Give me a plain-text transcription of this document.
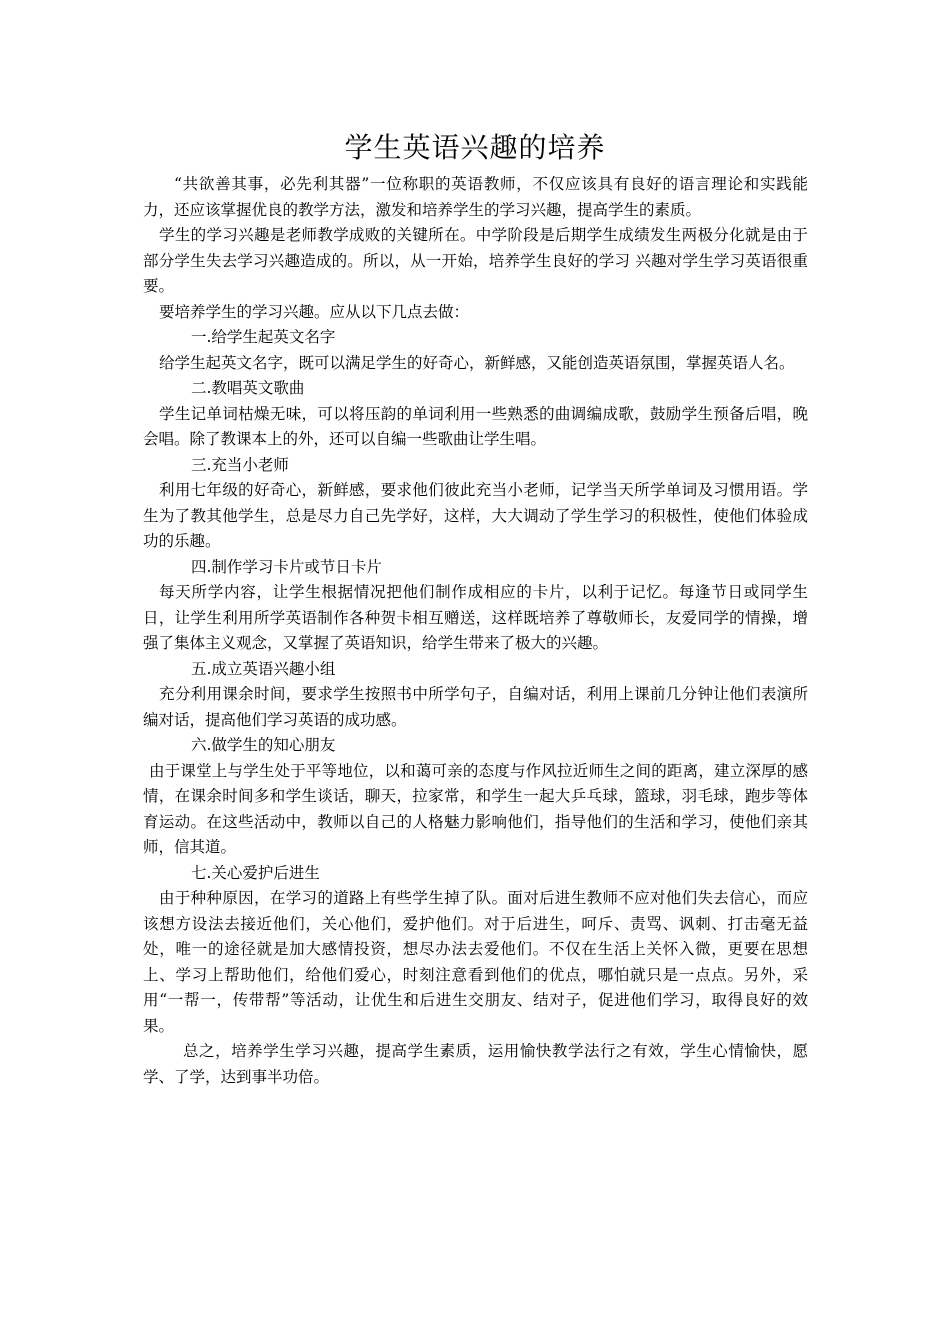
学生英语兴趣的培养

“共欲善其事，必先利其器”一位称职的英语教师，不仅应该具有良好的语言理论和实践能力，还应该掌握优良的教学方法，激发和培养学生的学习兴趣，提高学生的素质。

学生的学习兴趣是老师教学成败的关键所在。中学阶段是后期学生成绩发生两极分化就是由于部分学生失去学习兴趣造成的。所以，从一开始，培养学生良好的学习 兴趣对学生学习英语很重要。

要培养学生的学习兴趣。应从以下几点去做：

一.给学生起英文名字

给学生起英文名字，既可以满足学生的好奇心，新鲜感，又能创造英语氛围，掌握英语人名。

二.教唱英文歌曲

学生记单词枯燥无味，可以将压韵的单词利用一些熟悉的曲调编成歌，鼓励学生预备后唱，晚会唱。除了教课本上的外，还可以自编一些歌曲让学生唱。

三.充当小老师

利用七年级的好奇心，新鲜感，要求他们彼此充当小老师，记学当天所学单词及习惯用语。学生为了教其他学生，总是尽力自己先学好，这样，大大调动了学生学习的积极性，使他们体验成功的乐趣。

四.制作学习卡片或节日卡片

每天所学内容，让学生根据情况把他们制作成相应的卡片，以利于记忆。每逢节日或同学生日，让学生利用所学英语制作各种贺卡相互赠送，这样既培养了尊敬师长，友爱同学的情操，增强了集体主义观念，又掌握了英语知识，给学生带来了极大的兴趣。

五.成立英语兴趣小组

充分利用课余时间，要求学生按照书中所学句子，自编对话，利用上课前几分钟让他们表演所编对话，提高他们学习英语的成功感。

六.做学生的知心朋友

由于课堂上与学生处于平等地位，以和蔼可亲的态度与作风拉近师生之间的距离，建立深厚的感情，在课余时间多和学生谈话，聊天，拉家常，和学生一起大乒乓球，篮球，羽毛球，跑步等体育运动。在这些活动中，教师以自己的人格魅力影响他们，指导他们的生活和学习，使他们亲其师，信其道。

七.关心爱护后进生

由于种种原因，在学习的道路上有些学生掉了队。面对后进生教师不应对他们失去信心，而应该想方设法去接近他们，关心他们，爱护他们。对于后进生，呵斥、责骂、讽刺、打击毫无益处，唯一的途径就是加大感情投资，想尽办法去爱他们。不仅在生活上关怀入微，更要在思想上、学习上帮助他们，给他们爱心，时刻注意看到他们的优点，哪怕就只是一点点。另外，采用“一帮一，传带帮”等活动，让优生和后进生交朋友、结对子，促进他们学习，取得良好的效果。

总之，培养学生学习兴趣，提高学生素质，运用愉快教学法行之有效，学生心情愉快，愿学、了学，达到事半功倍。
